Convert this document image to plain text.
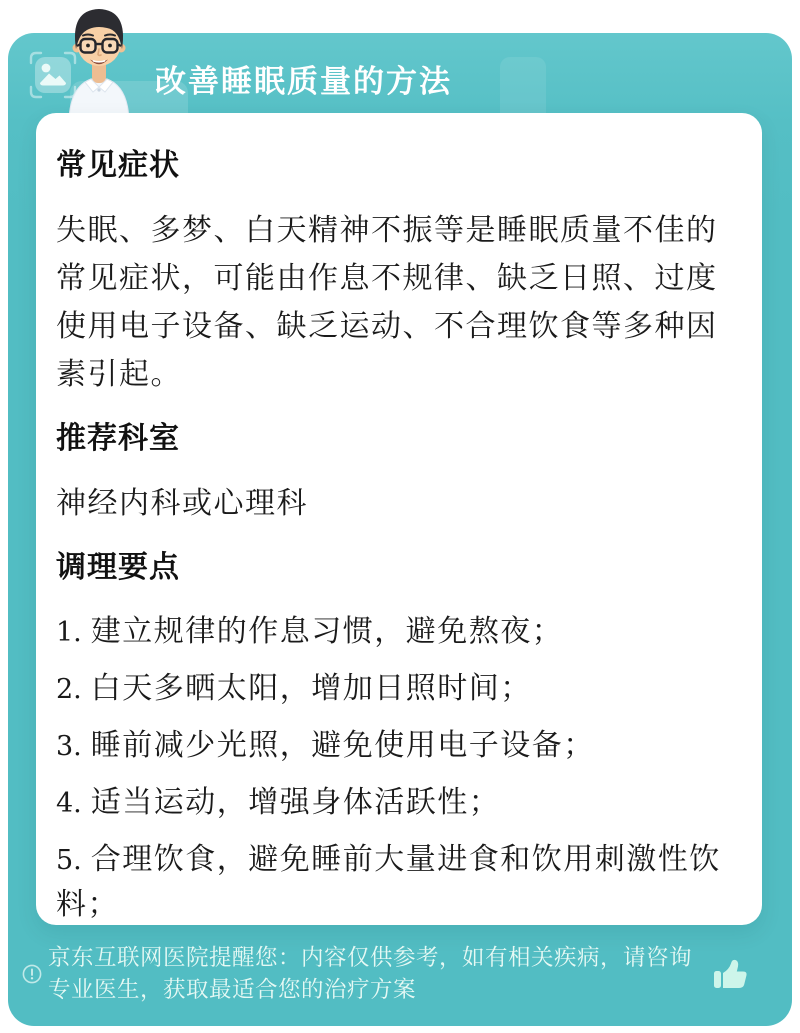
改善睡眠质量的方法
常见症状

失眠、多梦、白天精神不振等是睡眠质量不佳的常见症状，可能由作息不规律、缺乏日照、过度使用电子设备、缺乏运动、不合理饮食等多种因素引起。

推荐科室

神经内科或心理科

调理要点

1. 建立规律的作息习惯，避免熬夜；

2. 白天多晒太阳，增加日照时间；

3. 睡前减少光照，避免使用电子设备；

4. 适当运动，增强身体活跃性；

5. 合理饮食，避免睡前大量进食和饮用刺激性饮料；

京东互联网医院提醒您：内容仅供参考，如有相关疾病，请咨询专业医生，获取最适合您的治疗方案
